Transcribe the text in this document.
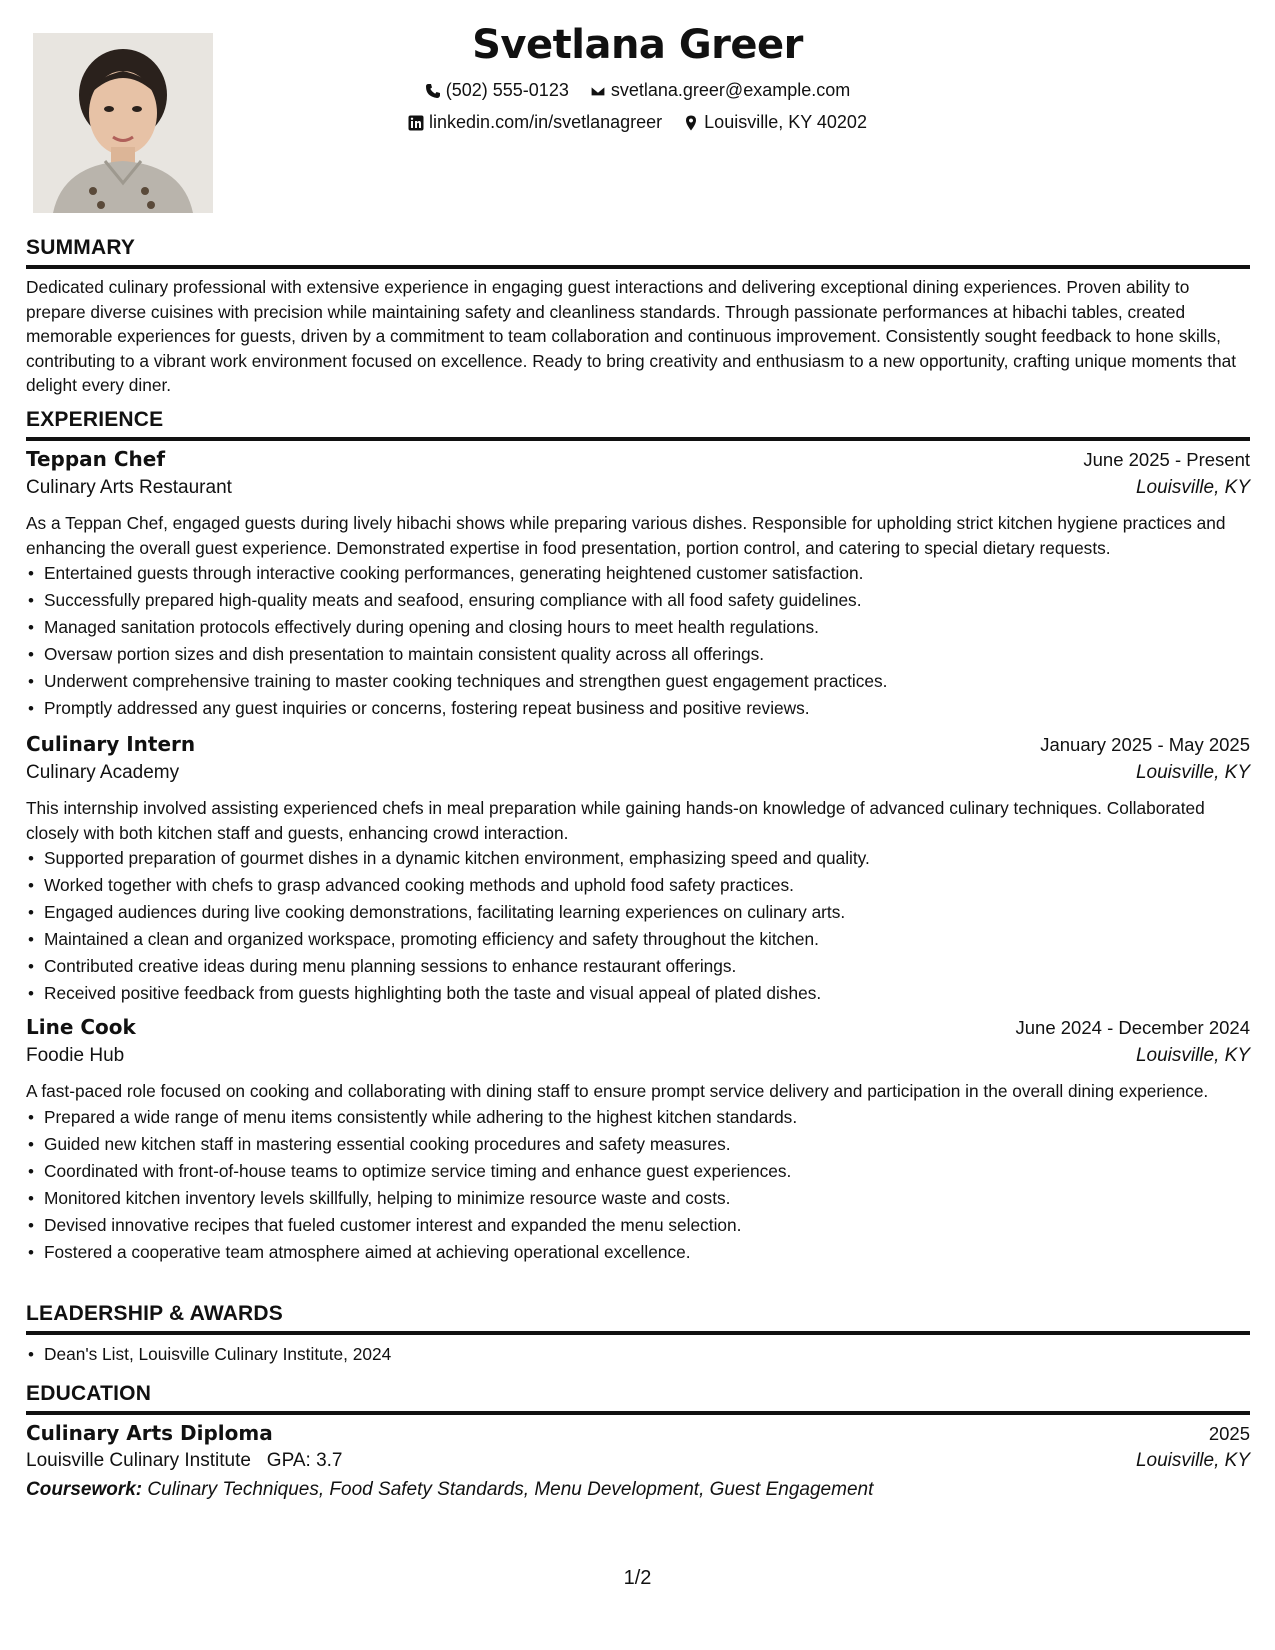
Svetlana Greer
(502) 555-0123
svetlana.greer@example.com
linkedin.com/in/svetlanagreer
Louisville, KY 40202
SUMMARY
Dedicated culinary professional with extensive experience in engaging guest interactions and delivering exceptional dining experiences. Proven ability to prepare diverse cuisines with precision while maintaining safety and cleanliness standards. Through passionate performances at hibachi tables, created memorable experiences for guests, driven by a commitment to team collaboration and continuous improvement. Consistently sought feedback to hone skills, contributing to a vibrant work environment focused on excellence. Ready to bring creativity and enthusiasm to a new opportunity, crafting unique moments that delight every diner.
EXPERIENCE
Teppan Chef	June 2025 - Present
Culinary Arts Restaurant	Louisville, KY
As a Teppan Chef, engaged guests during lively hibachi shows while preparing various dishes. Responsible for upholding strict kitchen hygiene practices and enhancing the overall guest experience. Demonstrated expertise in food presentation, portion control, and catering to special dietary requests.
• Entertained guests through interactive cooking performances, generating heightened customer satisfaction.
• Successfully prepared high-quality meats and seafood, ensuring compliance with all food safety guidelines.
• Managed sanitation protocols effectively during opening and closing hours to meet health regulations.
• Oversaw portion sizes and dish presentation to maintain consistent quality across all offerings.
• Underwent comprehensive training to master cooking techniques and strengthen guest engagement practices.
• Promptly addressed any guest inquiries or concerns, fostering repeat business and positive reviews.
Culinary Intern	January 2025 - May 2025
Culinary Academy	Louisville, KY
This internship involved assisting experienced chefs in meal preparation while gaining hands-on knowledge of advanced culinary techniques. Collaborated closely with both kitchen staff and guests, enhancing crowd interaction.
• Supported preparation of gourmet dishes in a dynamic kitchen environment, emphasizing speed and quality.
• Worked together with chefs to grasp advanced cooking methods and uphold food safety practices.
• Engaged audiences during live cooking demonstrations, facilitating learning experiences on culinary arts.
• Maintained a clean and organized workspace, promoting efficiency and safety throughout the kitchen.
• Contributed creative ideas during menu planning sessions to enhance restaurant offerings.
• Received positive feedback from guests highlighting both the taste and visual appeal of plated dishes.
Line Cook	June 2024 - December 2024
Foodie Hub	Louisville, KY
A fast-paced role focused on cooking and collaborating with dining staff to ensure prompt service delivery and participation in the overall dining experience.
• Prepared a wide range of menu items consistently while adhering to the highest kitchen standards.
• Guided new kitchen staff in mastering essential cooking procedures and safety measures.
• Coordinated with front-of-house teams to optimize service timing and enhance guest experiences.
• Monitored kitchen inventory levels skillfully, helping to minimize resource waste and costs.
• Devised innovative recipes that fueled customer interest and expanded the menu selection.
• Fostered a cooperative team atmosphere aimed at achieving operational excellence.
LEADERSHIP & AWARDS
• Dean's List, Louisville Culinary Institute, 2024
EDUCATION
Culinary Arts Diploma	2025
Louisville Culinary Institute GPA: 3.7	Louisville, KY
Coursework: Culinary Techniques, Food Safety Standards, Menu Development, Guest Engagement
1/2
